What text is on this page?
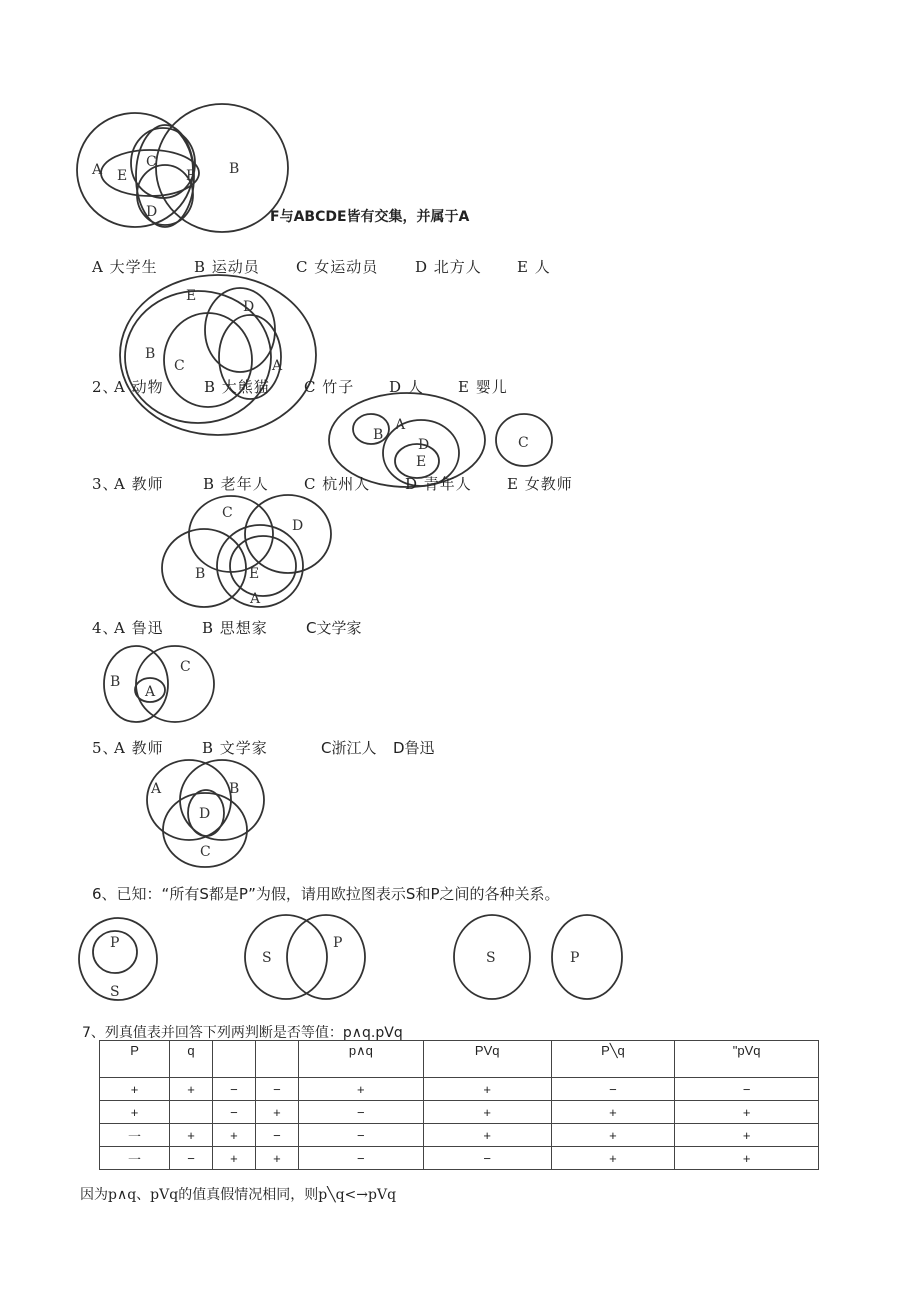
A E
C
F B
D
E
D
B
C	A
B
A
D
E
C
C
D
B	E
A
B
A
C
A	B
D
C
P
S
S
P
S	P
F与ABCDE皆有交集，并属于A
A 大学生 B 运动员 C 女运动员 D 北方人 E 人
2、
A 动物	B 大熊猫 C 竹子 D 人 E 婴儿
3、
A 教师	B 老年人 C 杭州人 D 青年人 E 女教师
4、
A 鲁迅	B 思想家	C文学家
5、
A 教师	B 文学家	C浙江人 D鲁迅
6、已知：“所有S都是P”为假，请用欧拉图表示S和P之间的各种关系。
7、列真值表并回答下列两判断是否等值：p∧q.pVq
P	q			p∧q	PVq	P╲q	"pVq
+	+	−	−	+	+	−	−
+		−	+	−	+	+	+
一	+	+	−	−	+	+	+
一	−	+	+	−	−	+	+
因为p∧q、pVq的值真假情况相同，则p╲q<→pVq
